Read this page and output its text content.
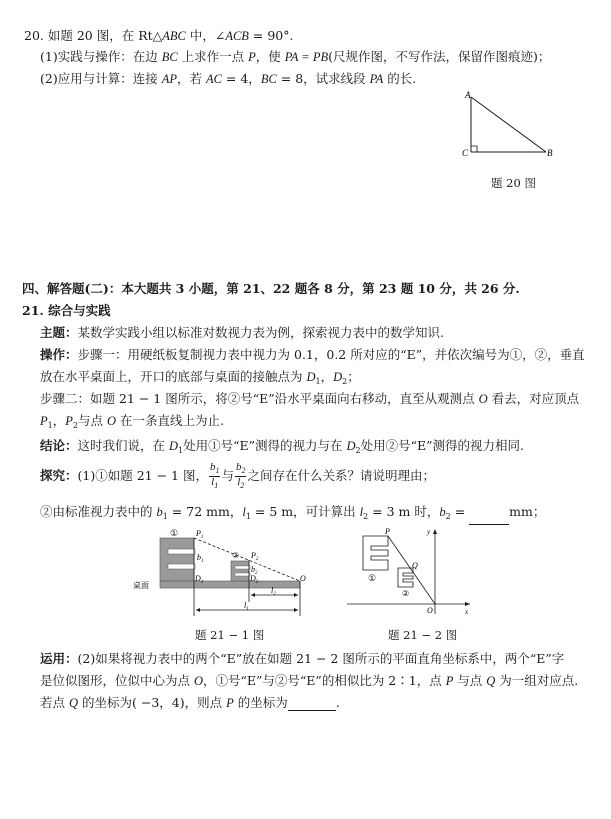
20. 如题 20 图，在 Rt△ABC 中，∠ACB = 90°.
(1)实践与操作：在边 BC 上求作一点 P，使 PA = PB(尺规作图，不写作法，保留作图痕迹)；
(2)应用与计算：连接 AP，若 AC = 4，BC = 8，试求线段 PA 的长.
A
C	B
题 20 图
四、解答题(二)：本大题共 3 小题，第 21、22 题各 8 分，第 23 题 10 分，共 26 分.
21. 综合与实践
主题：某数学实践小组以标准对数视力表为例，探索视力表中的数学知识.
操作：步骤一：用硬纸板复制视力表中视力为 0.1，0.2 所对应的“E”，并依次编号为①，②，垂直
放在水平桌面上，开口的底部与桌面的接触点为 $D_1$，$D_2$；
步骤二：如题 21 − 1 图所示，将②号“E”沿水平桌面向右移动，直至从观测点 O 看去，对应顶点
$P_1$，$P_2$与点 O 在一条直线上为止.
结论：这时我们说，在 $D_1$处用①号“E”测得的视力与在 $D_2$处用②号“E”测得的视力相同.
探究：(1)①如题 21 − 1 图， $\frac{b_1}{l_1}$ 与 $\frac{b_2}{l_2}$ 之间存在什么关系？请说明理由；
②由标准视力表中的 $b_1 = 72$ mm，$l_1 = 5$ m，可计算出 $l_2 = 3$ m 时，$b_2$ =	mm；
①
②
桌面
$P_1$
$P_2$
$b_1$
$b_2$
$D_1$	$D_2$	O
$l_2$
$l_1$
题 21 − 1 图
P
Q
O	x
y
①
②
题 21 − 2 图
运用：(2)如果将视力表中的两个“E”放在如题 21 − 2 图所示的平面直角坐标系中，两个“E”字
是位似图形，位似中心为点 O，①号“E”与②号“E”的相似比为 2∶1，点 P 与点 Q 为一组对应点.
若点 Q 的坐标为( −3，4)，则点 P 的坐标为	.
